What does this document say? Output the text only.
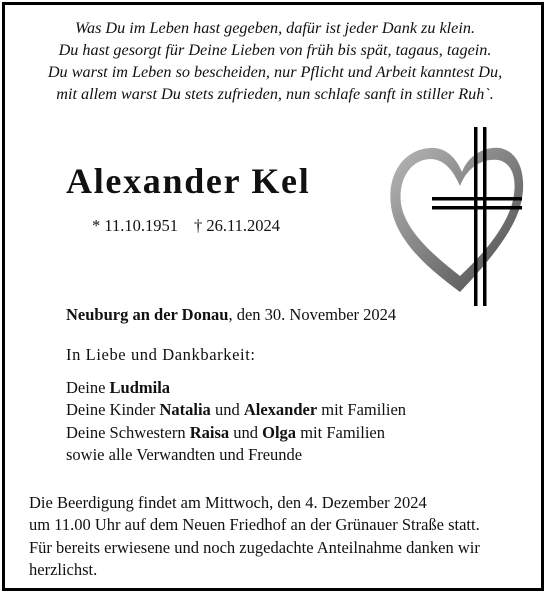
Was Du im Leben hast gegeben, dafür ist jeder Dank zu klein.
Du hast gesorgt für Deine Lieben von früh bis spät, tagaus, tagein.
Du warst im Leben so bescheiden, nur Pflicht und Arbeit kanntest Du,
mit allem warst Du stets zufrieden, nun schlafe sanft in stiller Ruh`.
Alexander Kel
* 11.10.1951 † 26.11.2024
Neuburg an der Donau, den 30. November 2024
In Liebe und Dankbarkeit:
Deine Ludmila
Deine Kinder Natalia und Alexander mit Familien
Deine Schwestern Raisa und Olga mit Familien
sowie alle Verwandten und Freunde
Die Beerdigung findet am Mittwoch, den 4. Dezember 2024
um 11.00 Uhr auf dem Neuen Friedhof an der Grünauer Straße statt.
Für bereits erwiesene und noch zugedachte Anteilnahme danken wir
herzlichst.
